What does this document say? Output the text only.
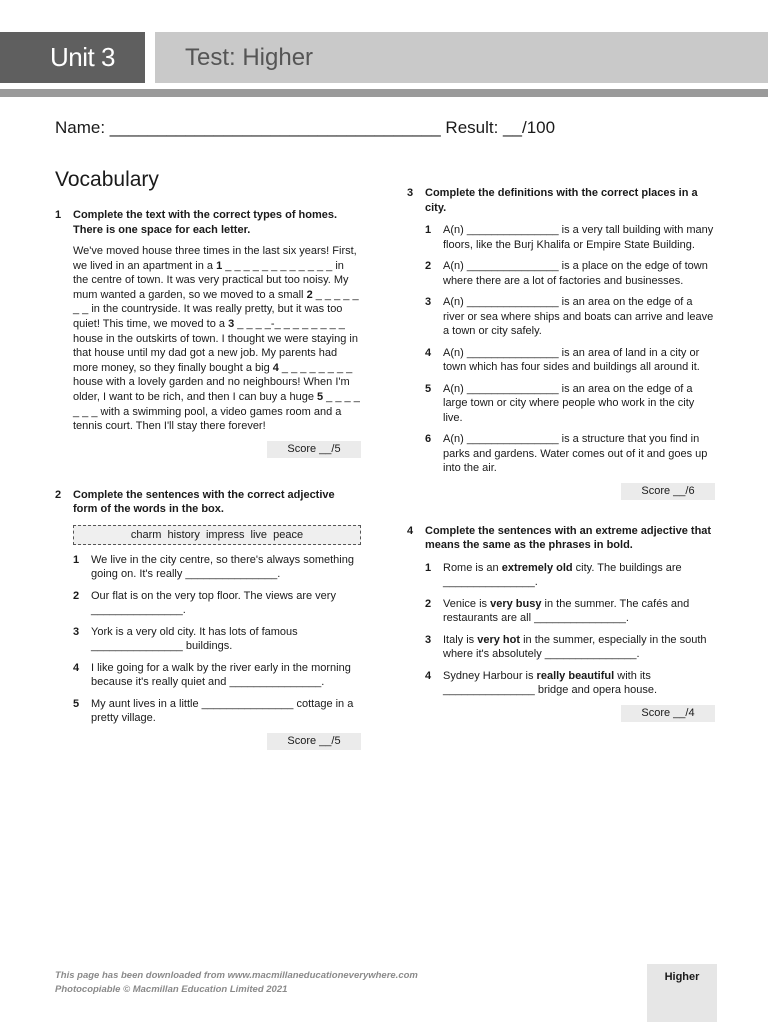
Unit 3	Test: Higher
Name: ___________________________________ Result: __/100
Vocabulary
1	Complete the text with the correct types of homes. There is one space for each letter.
We've moved house three times in the last six years! First, we lived in an apartment in a 1 _ _ _ _ _ _ _ _ _ _ _ _ in the centre of town. It was very practical but too noisy. My mum wanted a garden, so we moved to a small 2 _ _ _ _ _ _ _ in the countryside. It was really pretty, but it was too quiet! This time, we moved to a 3 _ _ _ _-_ _ _ _ _ _ _ _ house in the outskirts of town. I thought we were staying in that house until my dad got a new job. My parents had more money, so they finally bought a big 4 _ _ _ _ _ _ _ _ house with a lovely garden and no neighbours! When I'm older, I want to be rich, and then I can buy a huge 5 _ _ _ _ _ _ _ with a swimming pool, a video games room and a tennis court. Then I'll stay there forever!
Score __/5
2	Complete the sentences with the correct adjective form of the words in the box.
charm history impress live peace
1	We live in the city centre, so there's always something going on. It's really _______________.
2	Our flat is on the very top floor. The views are very _______________.
3	York is a very old city. It has lots of famous _______________ buildings.
4	I like going for a walk by the river early in the morning because it's really quiet and _______________.
5	My aunt lives in a little _______________ cottage in a pretty village.
Score __/5
3	Complete the definitions with the correct places in a city.
1	A(n) _______________ is a very tall building with many floors, like the Burj Khalifa or Empire State Building.
2	A(n) _______________ is a place on the edge of town where there are a lot of factories and businesses.
3	A(n) _______________ is an area on the edge of a river or sea where ships and boats can arrive and leave a town or city safely.
4	A(n) _______________ is an area of land in a city or town which has four sides and buildings all around it.
5	A(n) _______________ is an area on the edge of a large town or city where people who work in the city live.
6	A(n) _______________ is a structure that you find in parks and gardens. Water comes out of it and goes up into the air.
Score __/6
4	Complete the sentences with an extreme adjective that means the same as the phrases in bold.
1	Rome is an extremely old city. The buildings are _______________.
2	Venice is very busy in the summer. The cafés and restaurants are all _______________.
3	Italy is very hot in the summer, especially in the south where it's absolutely _______________.
4	Sydney Harbour is really beautiful with its _______________ bridge and opera house.
Score __/4
This page has been downloaded from www.macmillaneducationeverywhere.com
Photocopiable © Macmillan Education Limited 2021
Higher
